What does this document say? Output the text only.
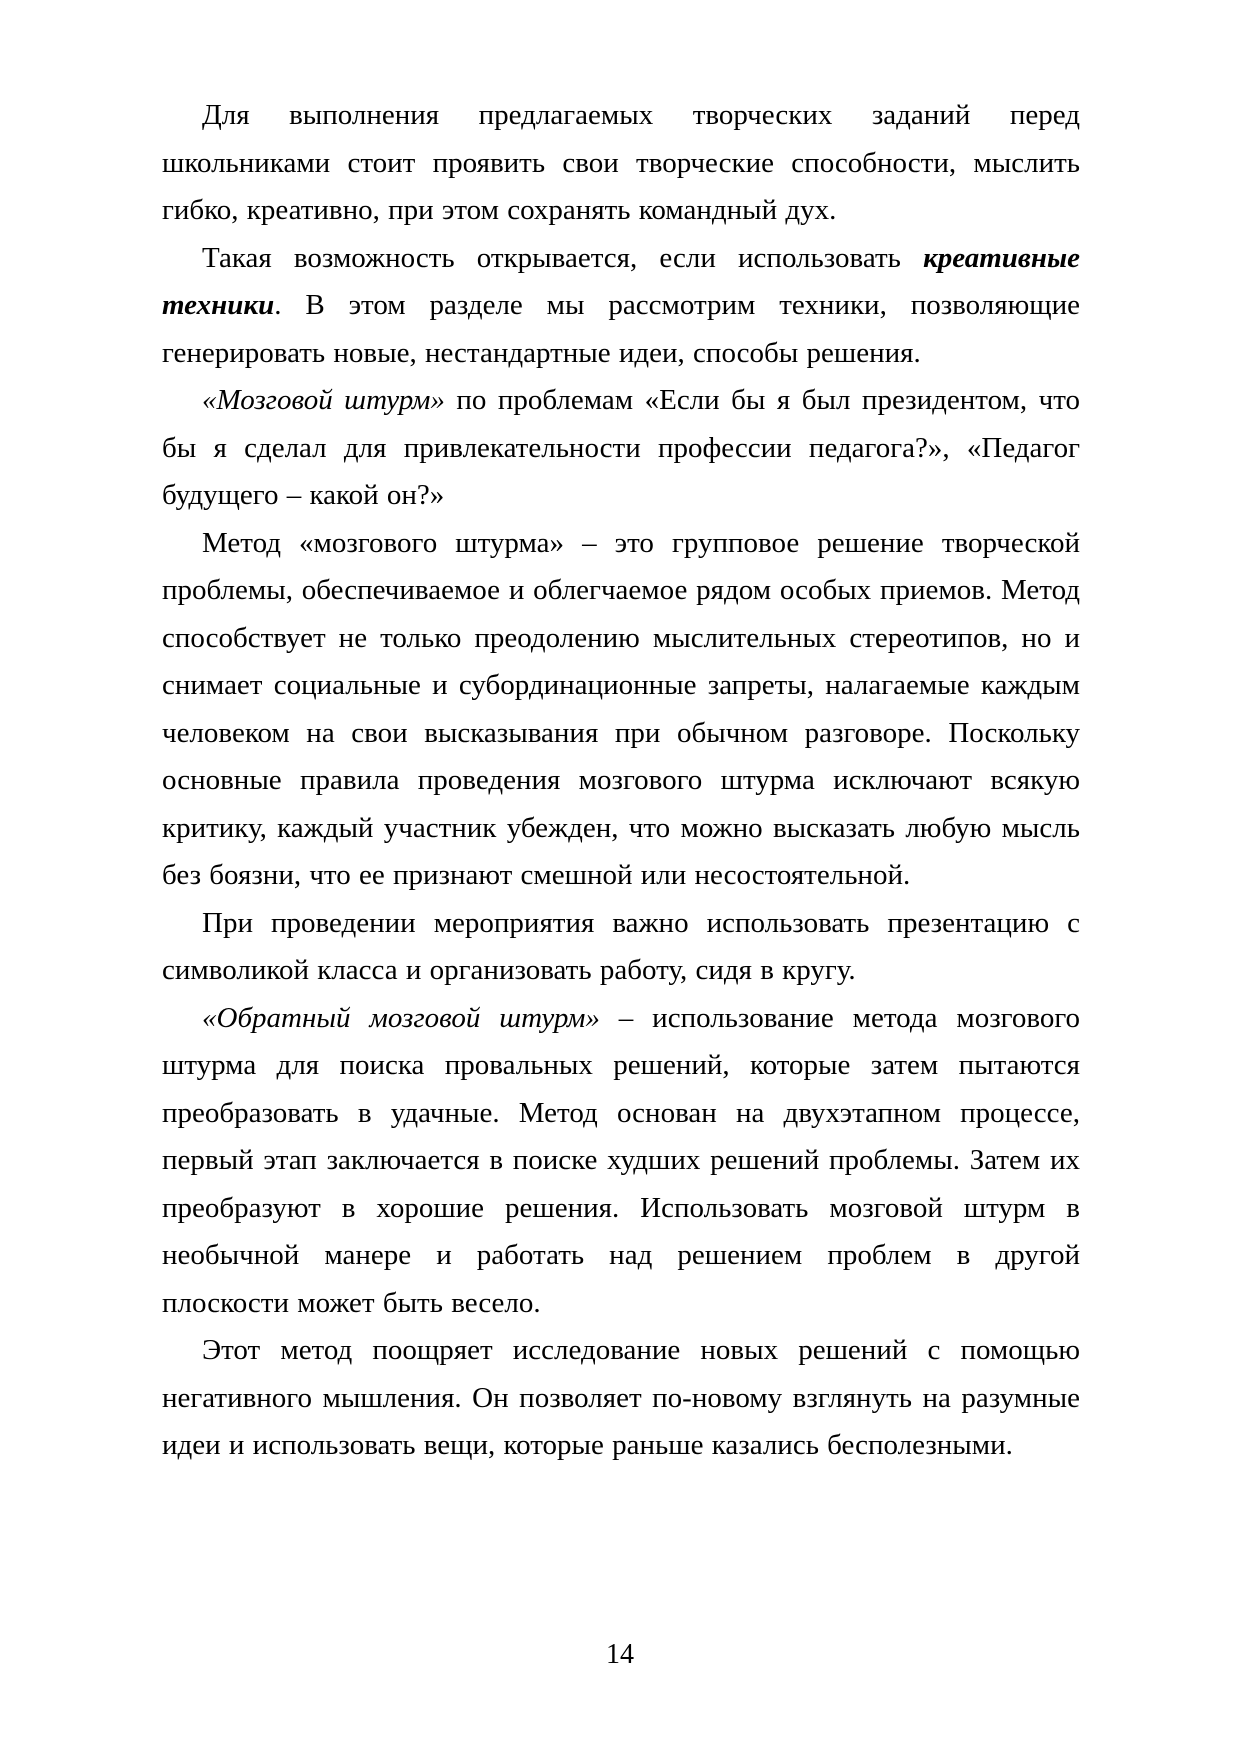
Для выполнения предлагаемых творческих заданий перед школьниками стоит проявить свои творческие способности, мыслить гибко, креативно, при этом сохранять командный дух.

Такая возможность открывается, если использовать креативные техники. В этом разделе мы рассмотрим техники, позволяющие генерировать новые, нестандартные идеи, способы решения.

«Мозговой штурм» по проблемам «Если бы я был президентом, что бы я сделал для привлекательности профессии педагога?», «Педагог будущего – какой он?»

Метод «мозгового штурма» – это групповое решение творческой проблемы, обеспечиваемое и облегчаемое рядом особых приемов. Метод способствует не только преодолению мыслительных стереотипов, но и снимает социальные и субординационные запреты, налагаемые каждым человеком на свои высказывания при обычном разговоре. Поскольку основные правила проведения мозгового штурма исключают всякую критику, каждый участник убежден, что можно высказать любую мысль без боязни, что ее признают смешной или несостоятельной.

При проведении мероприятия важно использовать презентацию с символикой класса и организовать работу, сидя в кругу.

«Обратный мозговой штурм» – использование метода мозгового штурма для поиска провальных решений, которые затем пытаются преобразовать в удачные. Метод основан на двухэтапном процессе, первый этап заключается в поиске худших решений проблемы. Затем их преобразуют в хорошие решения. Использовать мозговой штурм в необычной манере и работать над решением проблем в другой плоскости может быть весело.

Этот метод поощряет исследование новых решений с помощью негативного мышления. Он позволяет по-новому взглянуть на разумные идеи и использовать вещи, которые раньше казались бесполезными.

14
